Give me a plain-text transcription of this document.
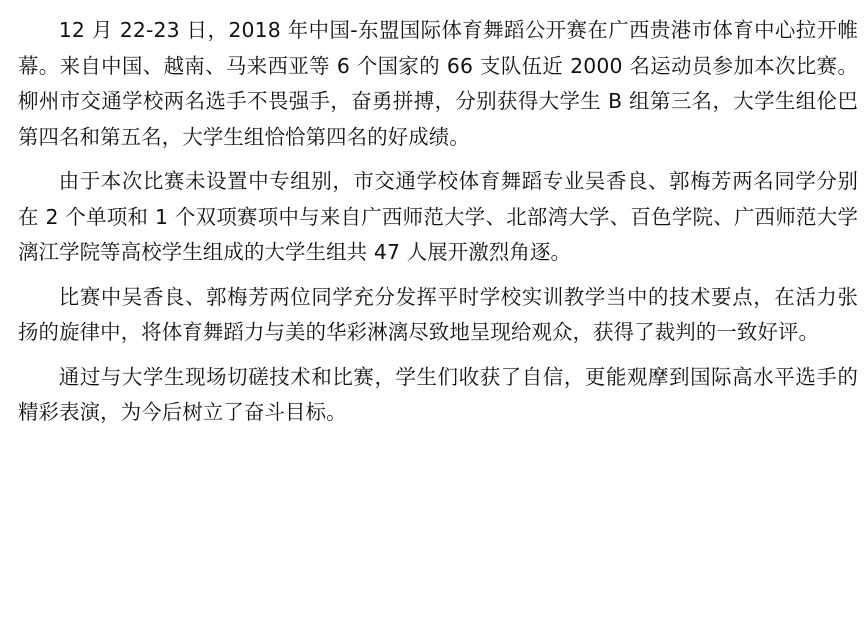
12 月 22-23 日，2018 年中国-东盟国际体育舞蹈公开赛在广西贵港市体育中心拉开帷幕。来自中国、越南、马来西亚等 6 个国家的 66 支队伍近 2000 名运动员参加本次比赛。柳州市交通学校两名选手不畏强手，奋勇拼搏，分别获得大学生 B 组第三名，大学生组伦巴第四名和第五名，大学生组恰恰第四名的好成绩。

由于本次比赛未设置中专组别，市交通学校体育舞蹈专业吴香良、郭梅芳两名同学分别在 2 个单项和 1 个双项赛项中与来自广西师范大学、北部湾大学、百色学院、广西师范大学漓江学院等高校学生组成的大学生组共 47 人展开激烈角逐。

比赛中吴香良、郭梅芳两位同学充分发挥平时学校实训教学当中的技术要点，在活力张扬的旋律中，将体育舞蹈力与美的华彩淋漓尽致地呈现给观众，获得了裁判的一致好评。

通过与大学生现场切磋技术和比赛，学生们收获了自信，更能观摩到国际高水平选手的精彩表演，为今后树立了奋斗目标。
